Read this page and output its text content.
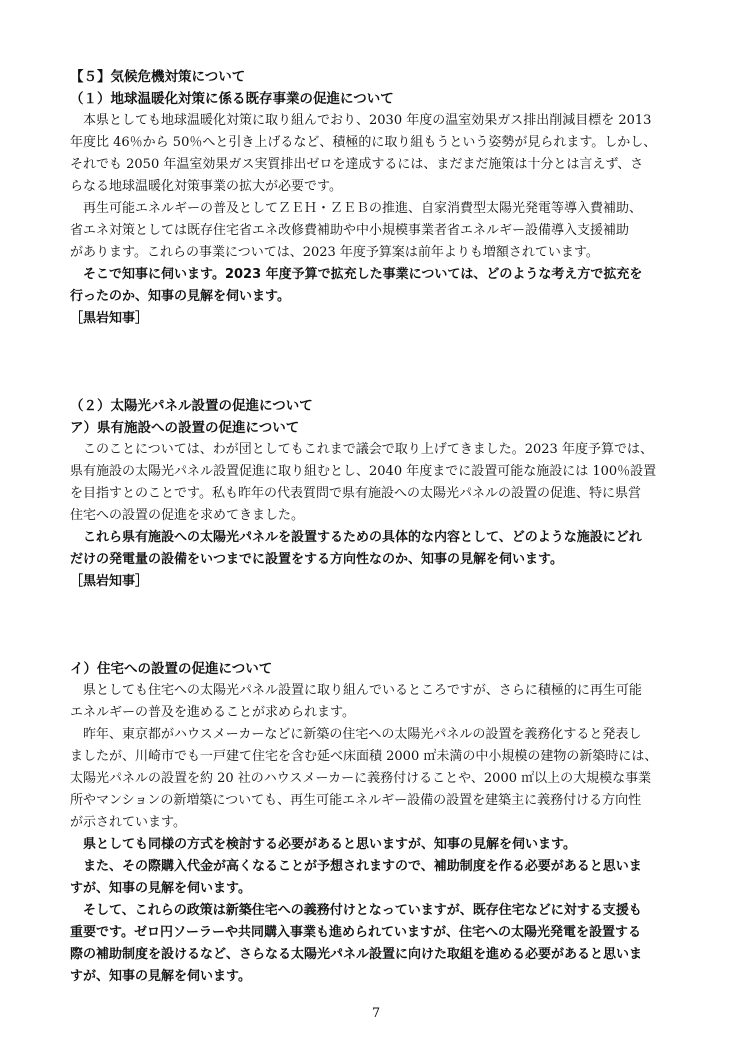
【５】気候危機対策について
（１）地球温暖化対策に係る既存事業の促進について
　本県としても地球温暖化対策に取り組んでおり、2030 年度の温室効果ガス排出削減目標を 2013
年度比 46％から 50％へと引き上げるなど、積極的に取り組もうという姿勢が見られます。しかし、
それでも 2050 年温室効果ガス実質排出ゼロを達成するには、まだまだ施策は十分とは言えず、さ
らなる地球温暖化対策事業の拡大が必要です。
　再生可能エネルギーの普及としてＺＥＨ・ＺＥＢの推進、自家消費型太陽光発電等導入費補助、
省エネ対策としては既存住宅省エネ改修費補助や中小規模事業者省エネルギー設備導入支援補助
があります。これらの事業については、2023 年度予算案は前年よりも増額されています。
　そこで知事に伺います。2023 年度予算で拡充した事業については、どのような考え方で拡充を
行ったのか、知事の見解を伺います。
［黒岩知事］
（２）太陽光パネル設置の促進について
ア）県有施設への設置の促進について
　このことについては、わが団としてもこれまで議会で取り上げてきました。2023 年度予算では、
県有施設の太陽光パネル設置促進に取り組むとし、2040 年度までに設置可能な施設には 100％設置
を目指すとのことです。私も昨年の代表質問で県有施設への太陽光パネルの設置の促進、特に県営
住宅への設置の促進を求めてきました。
　これら県有施設への太陽光パネルを設置するための具体的な内容として、どのような施設にどれ
だけの発電量の設備をいつまでに設置をする方向性なのか、知事の見解を伺います。
［黒岩知事］
イ）住宅への設置の促進について
　県としても住宅への太陽光パネル設置に取り組んでいるところですが、さらに積極的に再生可能
エネルギーの普及を進めることが求められます。
　昨年、東京都がハウスメーカーなどに新築の住宅への太陽光パネルの設置を義務化すると発表し
ましたが、川崎市でも一戸建て住宅を含む延べ床面積 2000 ㎡未満の中小規模の建物の新築時には、
太陽光パネルの設置を約 20 社のハウスメーカーに義務付けることや、2000 ㎡以上の大規模な事業
所やマンションの新増築についても、再生可能エネルギー設備の設置を建築主に義務付ける方向性
が示されています。
　県としても同様の方式を検討する必要があると思いますが、知事の見解を伺います。
　また、その際購入代金が高くなることが予想されますので、補助制度を作る必要があると思いま
すが、知事の見解を伺います。
　そして、これらの政策は新築住宅への義務付けとなっていますが、既存住宅などに対する支援も
重要です。ゼロ円ソーラーや共同購入事業も進められていますが、住宅への太陽光発電を設置する
際の補助制度を設けるなど、さらなる太陽光パネル設置に向けた取組を進める必要があると思いま
すが、知事の見解を伺います。
7
